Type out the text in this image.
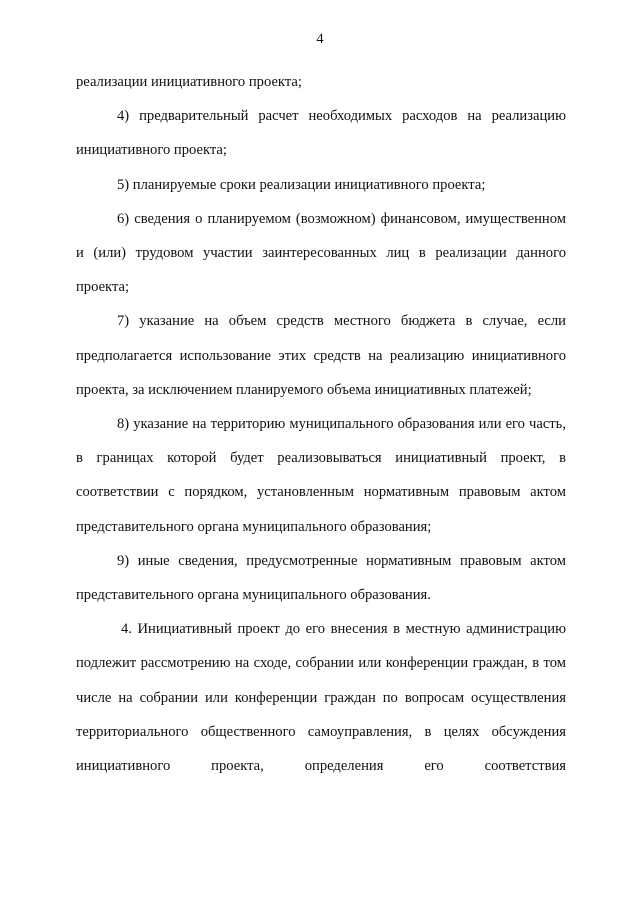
4

реализации инициативного проекта;

4) предварительный расчет необходимых расходов на реализацию инициативного проекта;

5) планируемые сроки реализации инициативного проекта;

6) сведения о планируемом (возможном) финансовом, имущественном и (или) трудовом участии заинтересованных лиц в реализации данного проекта;

7) указание на объем средств местного бюджета в случае, если предполагается использование этих средств на реализацию инициативного проекта, за исключением планируемого объема инициативных платежей;

8) указание на территорию муниципального образования или его часть, в границах которой будет реализовываться инициативный проект, в соответствии с порядком, установленным нормативным правовым актом представительного органа муниципального образования;

9) иные сведения, предусмотренные нормативным правовым актом представительного органа муниципального образования.

4. Инициативный проект до его внесения в местную администрацию подлежит рассмотрению на сходе, собрании или конференции граждан, в том числе на собрании или конференции граждан по вопросам осуществления территориального общественного самоуправления, в целях обсуждения инициативного проекта, определения его соответствия
